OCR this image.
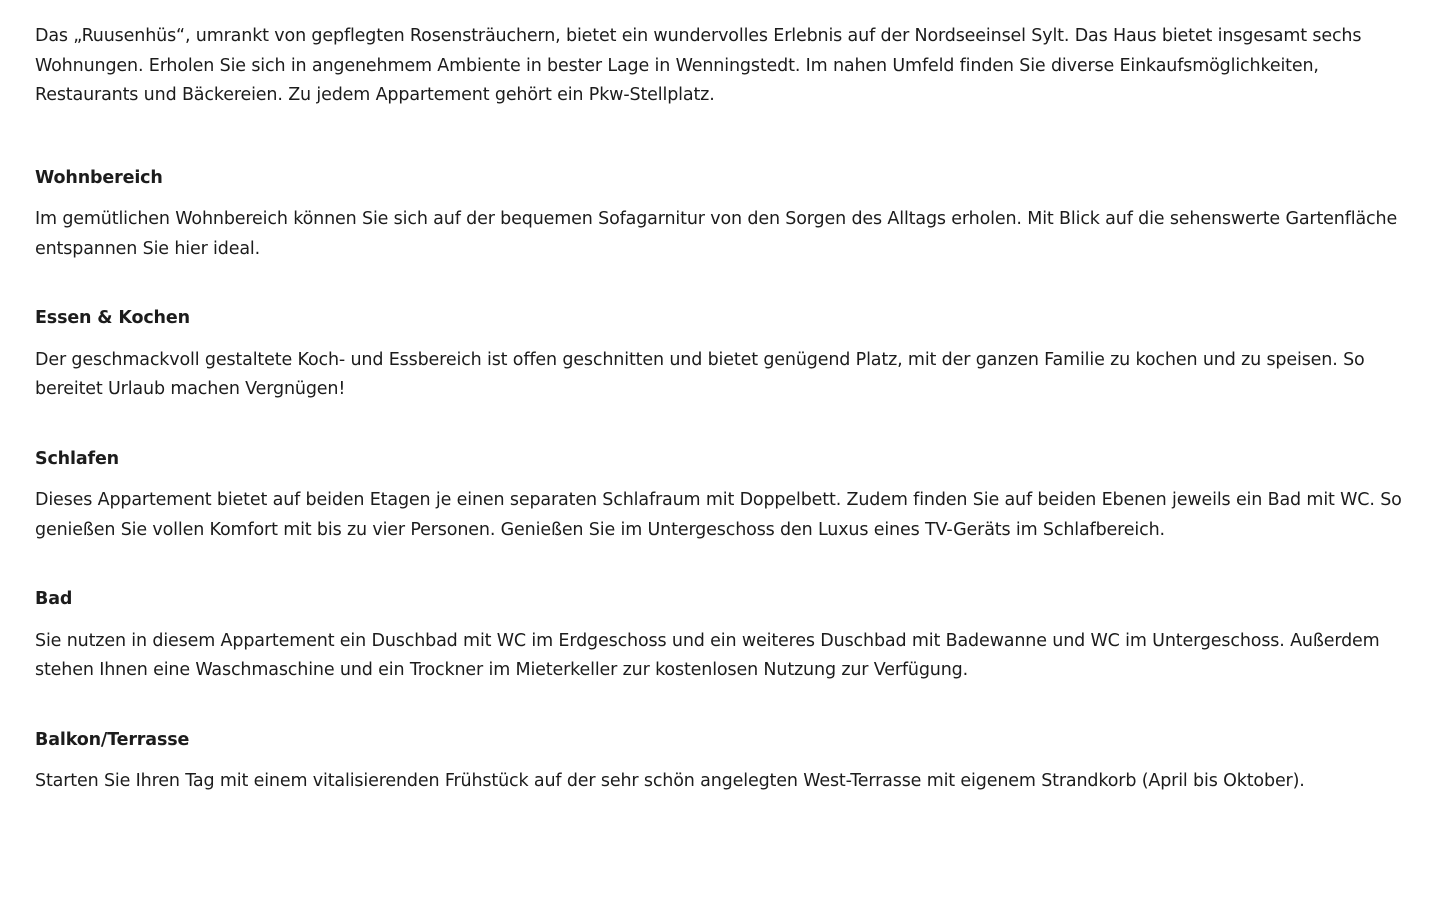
Das „Ruusenhüs“, umrankt von gepflegten Rosensträuchern, bietet ein wundervolles Erlebnis auf der Nordseeinsel Sylt. Das Haus bietet insgesamt sechs Wohnungen. Erholen Sie sich in angenehmem Ambiente in bester Lage in Wenningstedt. Im nahen Umfeld finden Sie diverse Einkaufsmöglichkeiten, Restaurants und Bäckereien. Zu jedem Appartement gehört ein Pkw-Stellplatz.

Wohnbereich

Im gemütlichen Wohnbereich können Sie sich auf der bequemen Sofagarnitur von den Sorgen des Alltags erholen. Mit Blick auf die sehenswerte Gartenfläche entspannen Sie hier ideal.

Essen & Kochen

Der geschmackvoll gestaltete Koch- und Essbereich ist offen geschnitten und bietet genügend Platz, mit der ganzen Familie zu kochen und zu speisen. So bereitet Urlaub machen Vergnügen!

Schlafen

Dieses Appartement bietet auf beiden Etagen je einen separaten Schlafraum mit Doppelbett. Zudem finden Sie auf beiden Ebenen jeweils ein Bad mit WC. So genießen Sie vollen Komfort mit bis zu vier Personen. Genießen Sie im Untergeschoss den Luxus eines TV-Geräts im Schlafbereich.

Bad

Sie nutzen in diesem Appartement ein Duschbad mit WC im Erdgeschoss und ein weiteres Duschbad mit Badewanne und WC im Untergeschoss. Außerdem stehen Ihnen eine Waschmaschine und ein Trockner im Mieterkeller zur kostenlosen Nutzung zur Verfügung.

Balkon/Terrasse

Starten Sie Ihren Tag mit einem vitalisierenden Frühstück auf der sehr schön angelegten West-Terrasse mit eigenem Strandkorb (April bis Oktober).
